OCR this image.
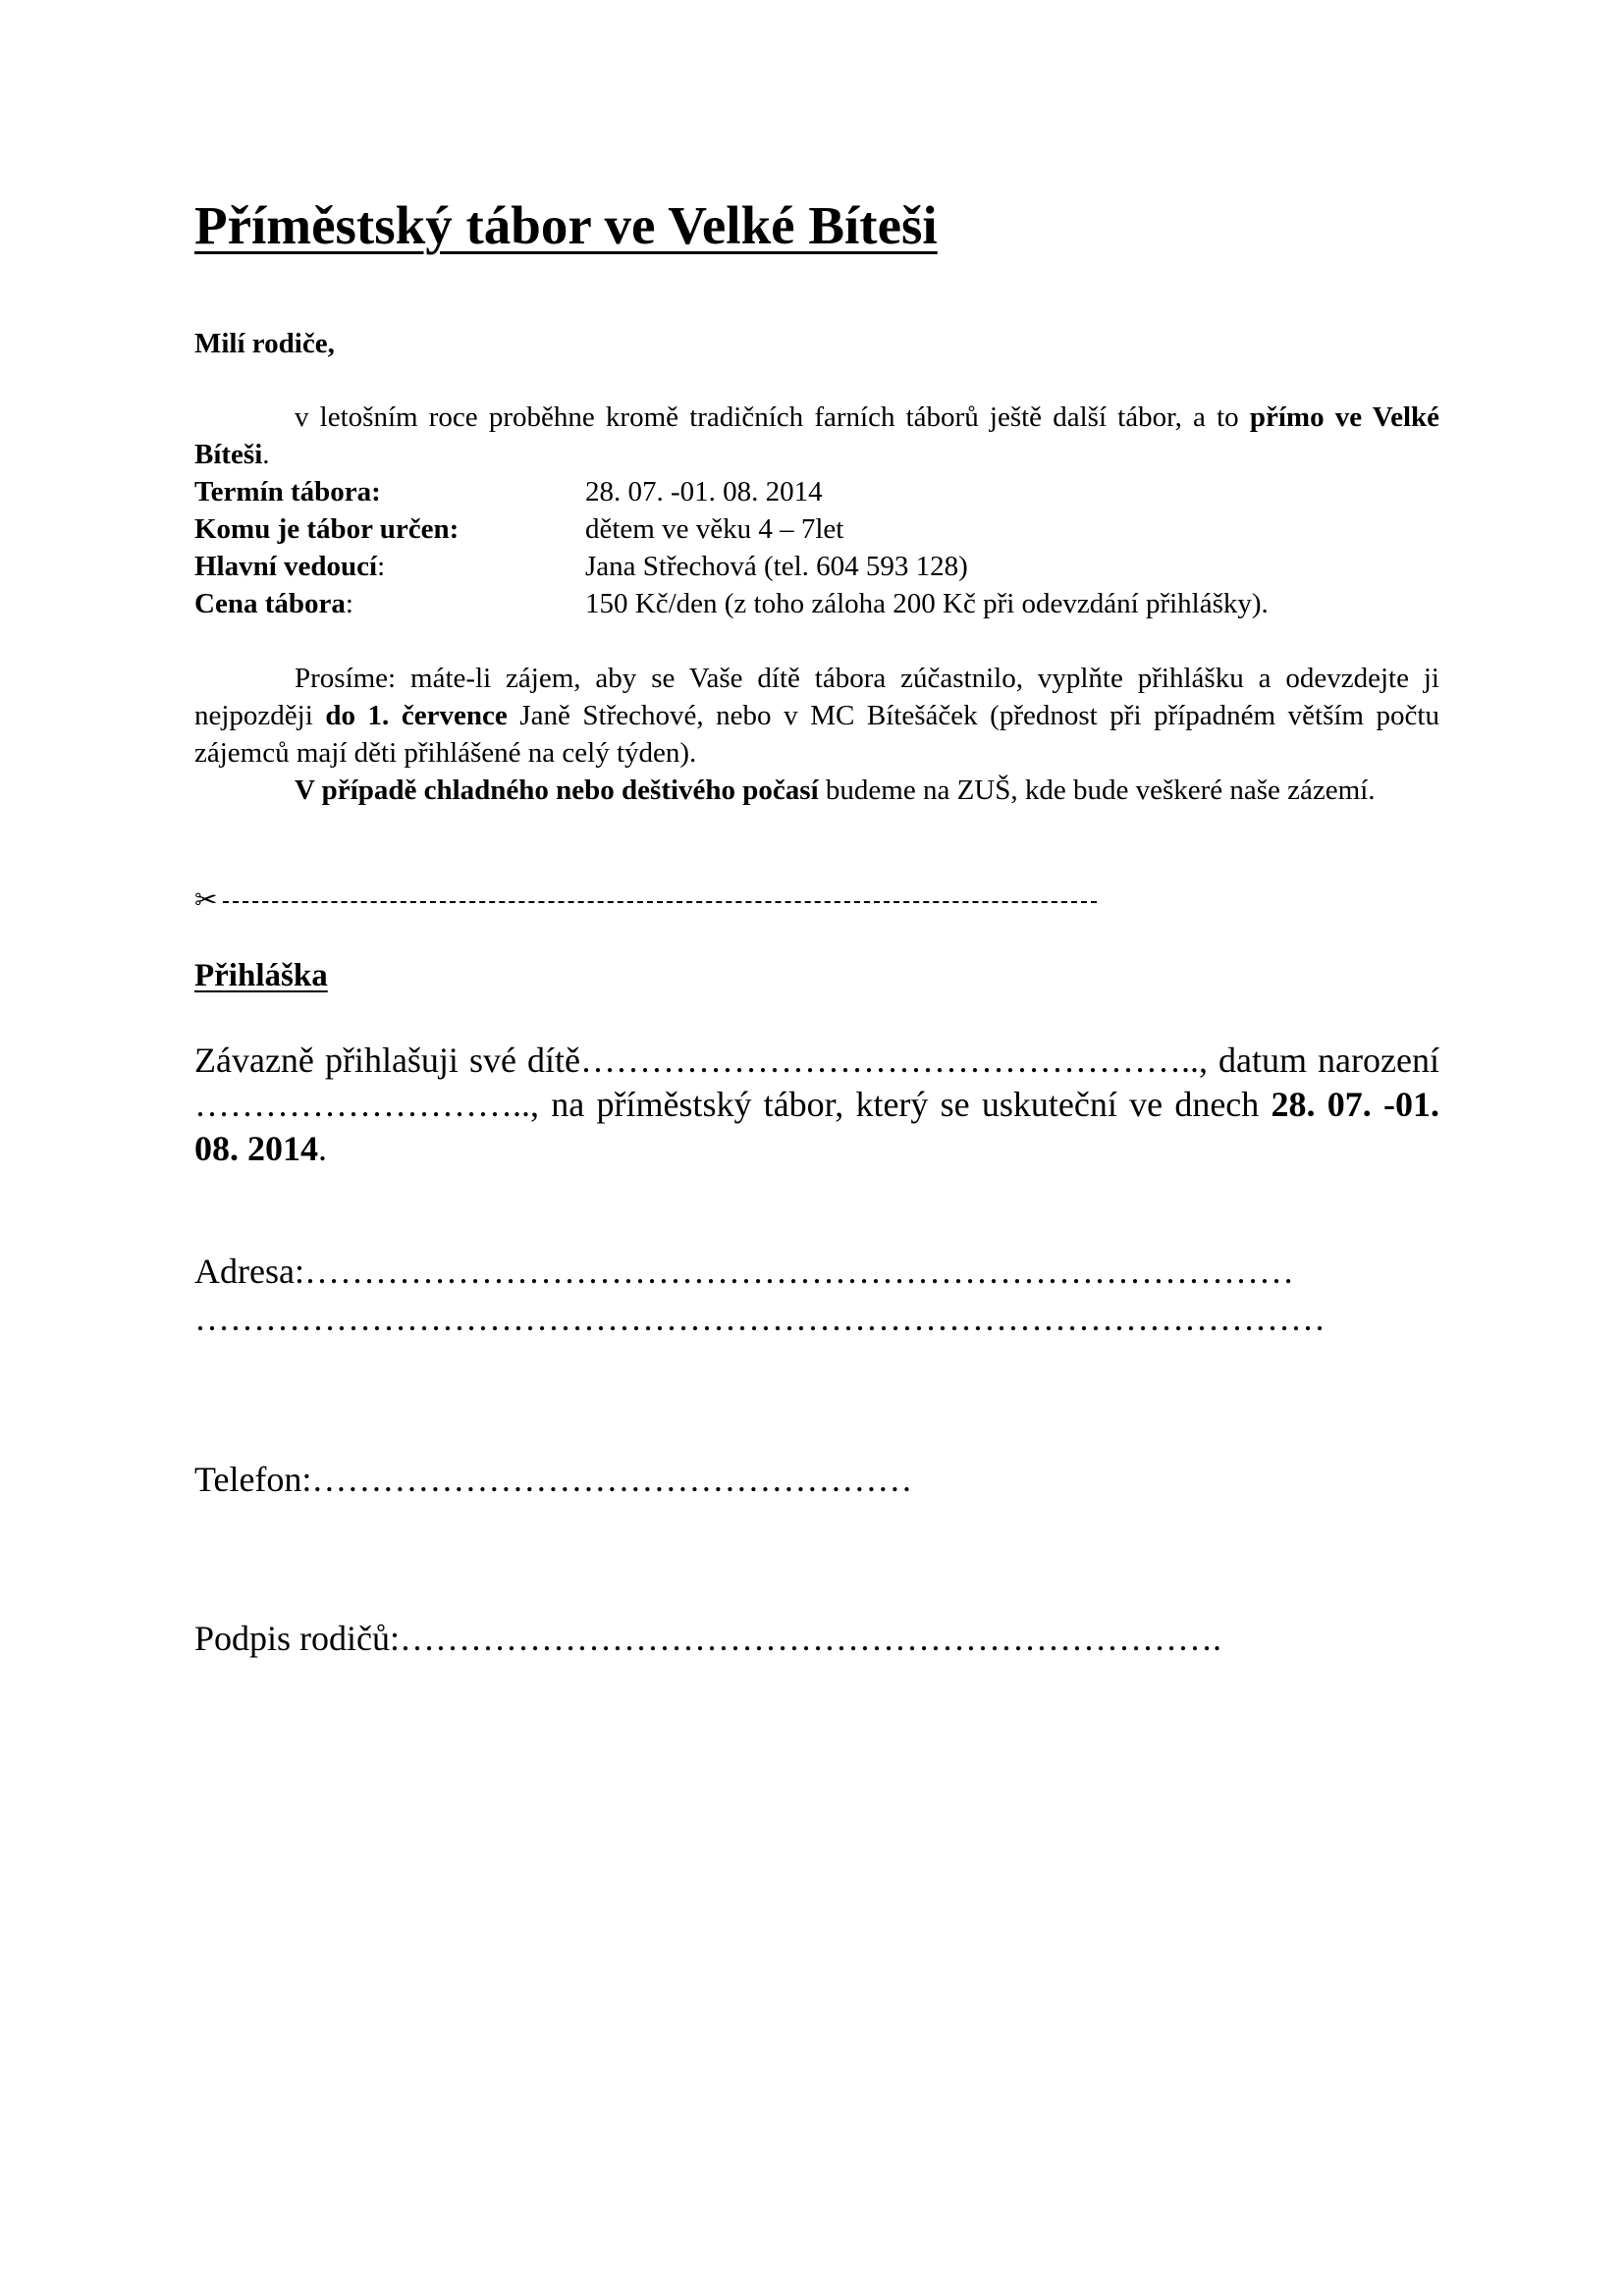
Příměstský tábor ve Velké Bíteši
Milí rodiče,
v letošním roce proběhne kromě tradičních farních táborů ještě další tábor, a to přímo ve Velké Bíteši.
Termín tábora:	28. 07. -01. 08. 2014
Komu je tábor určen:	dětem ve věku 4 – 7let
Hlavní vedoucí:	Jana Střechová (tel. 604 593 128)
Cena tábora:	150 Kč/den (z toho záloha 200 Kč při odevzdání přihlášky).
Prosíme: máte-li zájem, aby se Vaše dítě tábora zúčastnilo, vyplňte přihlášku a odevzdejte ji nejpozději do 1. července Janě Střechové, nebo v MC Bítešáček (přednost při případném větším počtu zájemců mají děti přihlášené na celý týden).
V případě chladného nebo deštivého počasí budeme na ZUŠ, kde bude veškeré naše zázemí.
✂
Přihláška
Závazně přihlašuji své dítě…………………………………………….., datum narození ……………………….., na příměstský tábor, který se uskuteční ve dnech 28. 07. -01. 08. 2014.
Adresa:…………………………………………………………………………
……………………………………………………………………………………
Telefon:……………………………………………
Podpis rodičů:…………………………………………………………….
